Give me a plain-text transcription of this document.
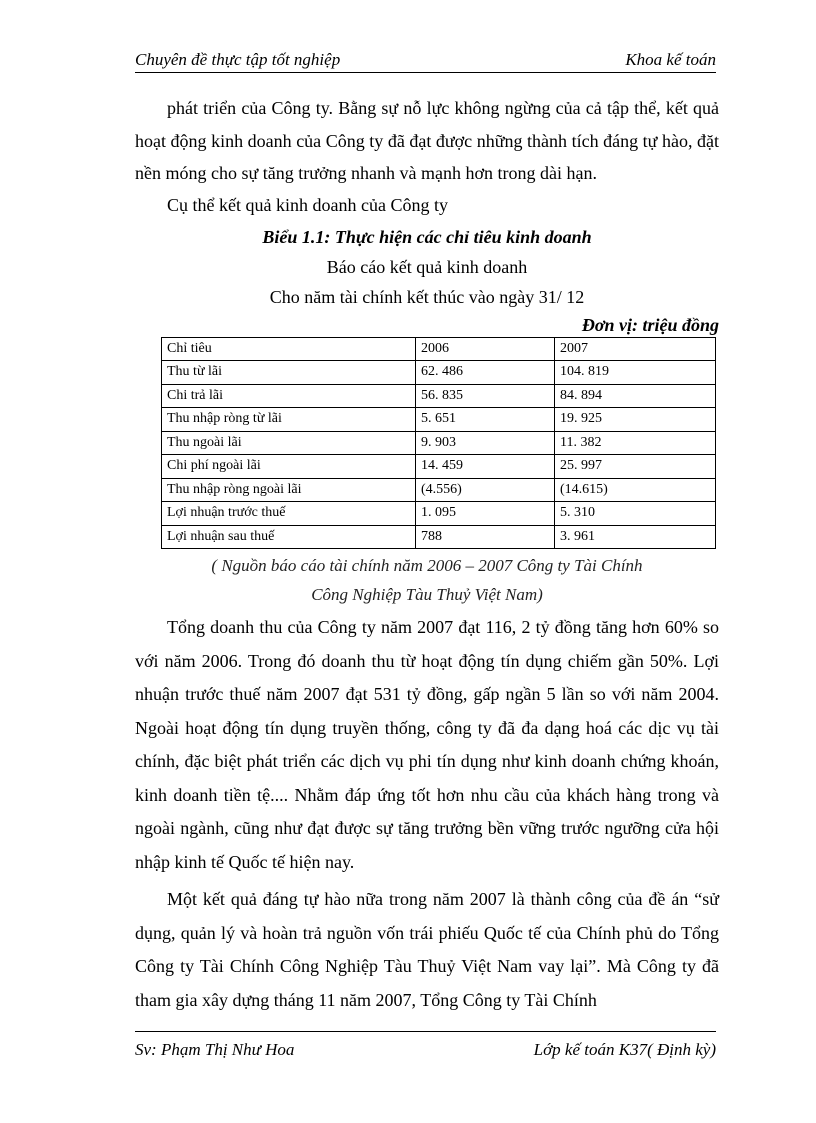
Chuyên đề thực tập tốt nghiệp	Khoa kế toán

phát triển của Công ty. Bằng sự nỗ lực không ngừng của cả tập thể, kết quả hoạt động kinh doanh của Công ty đã đạt được những thành tích đáng tự hào, đặt nền móng cho sự tăng trưởng nhanh và mạnh hơn trong dài hạn.

Cụ thể kết quả kinh doanh của Công ty

Biểu 1.1: Thực hiện các chỉ tiêu kinh doanh
Báo cáo kết quả kinh doanh
Cho năm tài chính kết thúc vào ngày 31/ 12
Đơn vị: triệu đồng
Chỉ tiêu	2006	2007
Thu từ lãi	62. 486	104. 819
Chi trả lãi	56. 835	84. 894
Thu nhập ròng từ lãi	5. 651	19. 925
Thu ngoài lãi	9. 903	11. 382
Chi phí ngoài lãi	14. 459	25. 997
Thu nhập ròng ngoài lãi	(4.556)	(14.615)
Lợi nhuận trước thuế	1. 095	5. 310
Lợi nhuận sau thuế	788	3. 961
( Nguồn báo cáo tài chính năm 2006 – 2007 Công ty Tài Chính
Công Nghiệp Tàu Thuỷ Việt Nam)

Tổng doanh thu của Công ty năm 2007 đạt 116, 2 tỷ đồng tăng hơn 60% so với năm 2006. Trong đó doanh thu từ hoạt động tín dụng chiếm gần 50%. Lợi nhuận trước thuế năm 2007 đạt 531 tỷ đồng, gấp ngần 5 lần so với năm 2004. Ngoài hoạt động tín dụng truyền thống, công ty đã đa dạng hoá các dịc vụ tài chính, đặc biệt phát triển các dịch vụ phi tín dụng như kinh doanh chứng khoán, kinh doanh tiền tệ.... Nhằm đáp ứng tốt hơn nhu cầu của khách hàng trong và ngoài ngành, cũng như đạt được sự tăng trưởng bền vững trước ngưỡng cửa hội nhập kinh tế Quốc tế hiện nay.

Một kết quả đáng tự hào nữa trong năm 2007 là thành công của đề án “sử dụng, quản lý và hoàn trả nguồn vốn trái phiếu Quốc tế của Chính phủ do Tổng Công ty Tài Chính Công Nghiệp Tàu Thuỷ Việt Nam vay lại”. Mà Công ty đã tham gia xây dựng tháng 11 năm 2007, Tổng Công ty Tài Chính

Sv: Phạm Thị Như Hoa	Lớp kế toán K37( Định kỳ)
